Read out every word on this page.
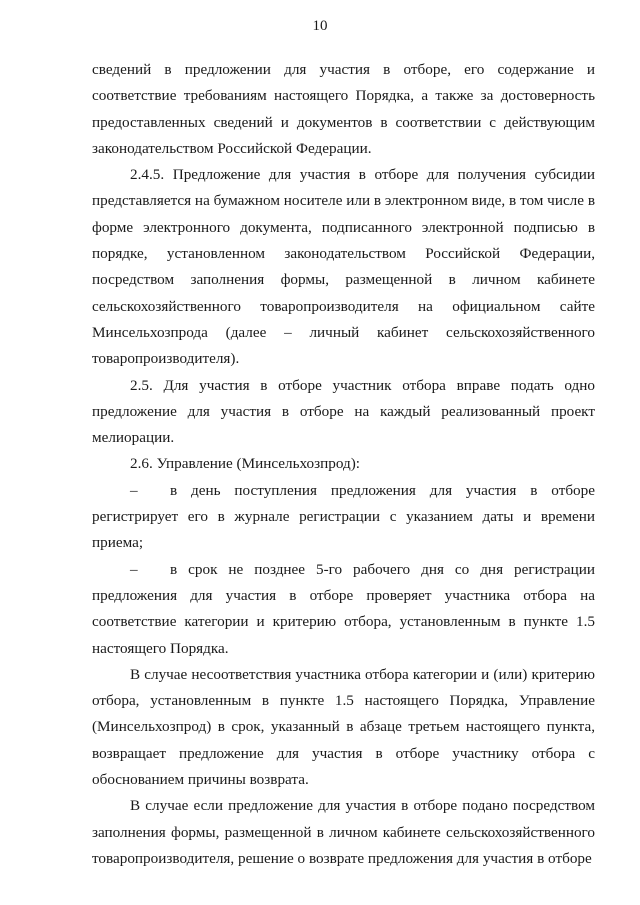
10

сведений в предложении для участия в отборе, его содержание и соответствие требованиям настоящего Порядка, а также за достоверность предоставленных сведений и документов в соответствии с действующим законодательством Российской Федерации.

2.4.5. Предложение для участия в отборе для получения субсидии представляется на бумажном носителе или в электронном виде, в том числе в форме электронного документа, подписанного электронной подписью в порядке, установленном законодательством Российской Федерации, посредством заполнения формы, размещенной в личном кабинете сельскохозяйственного товаропроизводителя на официальном сайте Минсельхозпрода (далее – личный кабинет сельскохозяйственного товаропроизводителя).

2.5. Для участия в отборе участник отбора вправе подать одно предложение для участия в отборе на каждый реализованный проект мелиорации.

2.6. Управление (Минсельхозпрод):

– в день поступления предложения для участия в отборе регистрирует его в журнале регистрации с указанием даты и времени приема;

– в срок не позднее 5-го рабочего дня со дня регистрации предложения для участия в отборе проверяет участника отбора на соответствие категории и критерию отбора, установленным в пункте 1.5 настоящего Порядка.

В случае несоответствия участника отбора категории и (или) критерию отбора, установленным в пункте 1.5 настоящего Порядка, Управление (Минсельхозпрод) в срок, указанный в абзаце третьем настоящего пункта, возвращает предложение для участия в отборе участнику отбора с обоснованием причины возврата.

В случае если предложение для участия в отборе подано посредством заполнения формы, размещенной в личном кабинете сельскохозяйственного товаропроизводителя, решение о возврате предложения для участия в отборе
